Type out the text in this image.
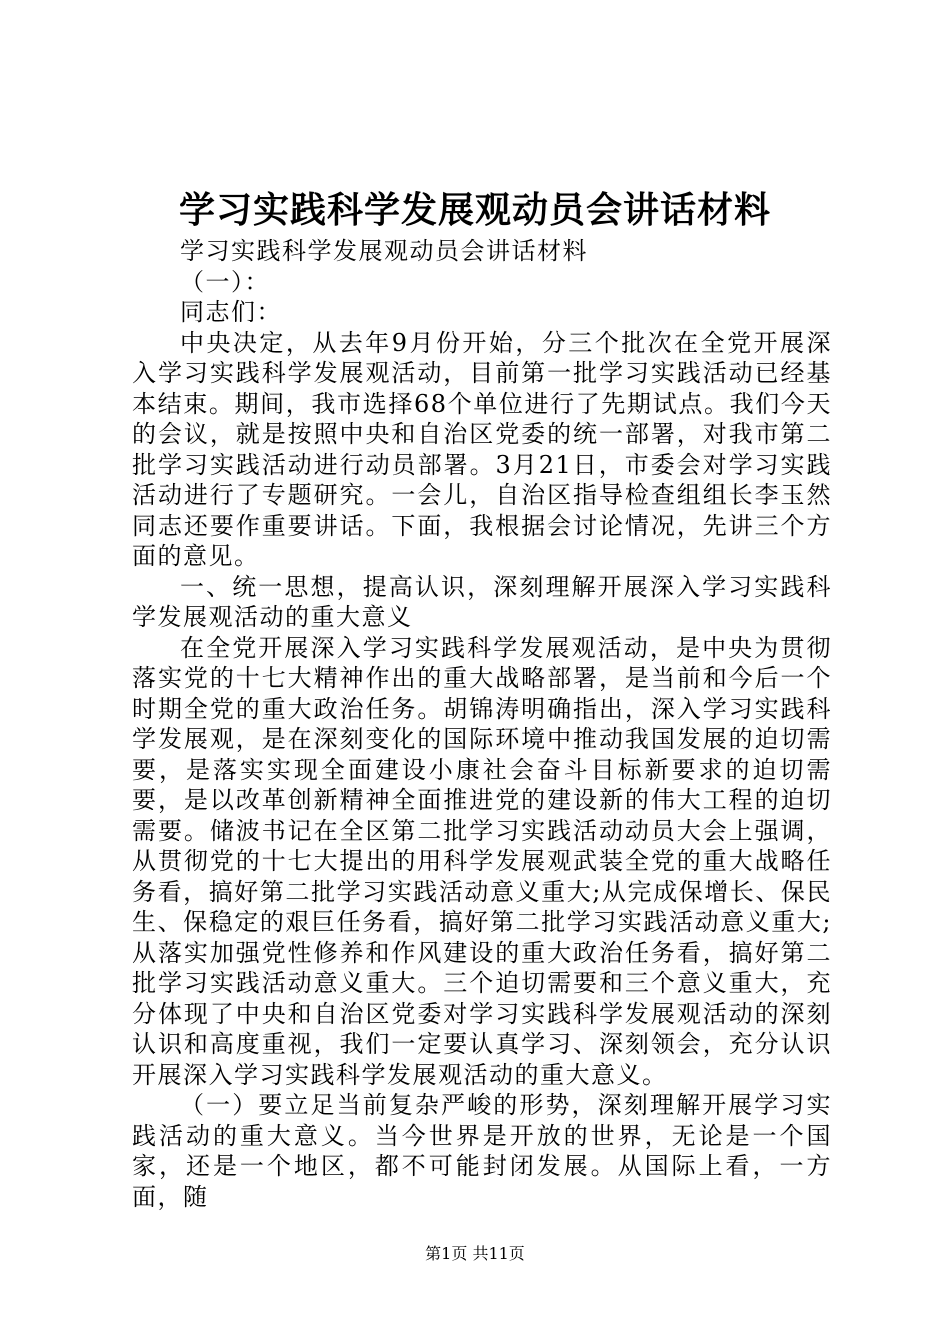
学习实践科学发展观动员会讲话材料

学习实践科学发展观动员会讲话材料

（一）：

同志们：

中央决定，从去年9月份开始，分三个批次在全党开展深入学习实践科学发展观活动，目前第一批学习实践活动已经基本结束。期间，我市选择68个单位进行了先期试点。我们今天的会议，就是按照中央和自治区党委的统一部署，对我市第二批学习实践活动进行动员部署。3月21日，市委会对学习实践活动进行了专题研究。一会儿，自治区指导检查组组长李玉然同志还要作重要讲话。下面，我根据会讨论情况，先讲三个方面的意见。

一、统一思想，提高认识，深刻理解开展深入学习实践科学发展观活动的重大意义

在全党开展深入学习实践科学发展观活动，是中央为贯彻落实党的十七大精神作出的重大战略部署，是当前和今后一个时期全党的重大政治任务。胡锦涛明确指出，深入学习实践科学发展观，是在深刻变化的国际环境中推动我国发展的迫切需要，是落实实现全面建设小康社会奋斗目标新要求的迫切需要，是以改革创新精神全面推进党的建设新的伟大工程的迫切需要。储波书记在全区第二批学习实践活动动员大会上强调，从贯彻党的十七大提出的用科学发展观武装全党的重大战略任务看，搞好第二批学习实践活动意义重大;从完成保增长、保民生、保稳定的艰巨任务看，搞好第二批学习实践活动意义重大;从落实加强党性修养和作风建设的重大政治任务看，搞好第二批学习实践活动意义重大。三个迫切需要和三个意义重大，充分体现了中央和自治区党委对学习实践科学发展观活动的深刻认识和高度重视，我们一定要认真学习、深刻领会，充分认识开展深入学习实践科学发展观活动的重大意义。

（一）要立足当前复杂严峻的形势，深刻理解开展学习实践活动的重大意义。当今世界是开放的世界，无论是一个国家，还是一个地区，都不可能封闭发展。从国际上看，一方面，随

第1页 共11页
